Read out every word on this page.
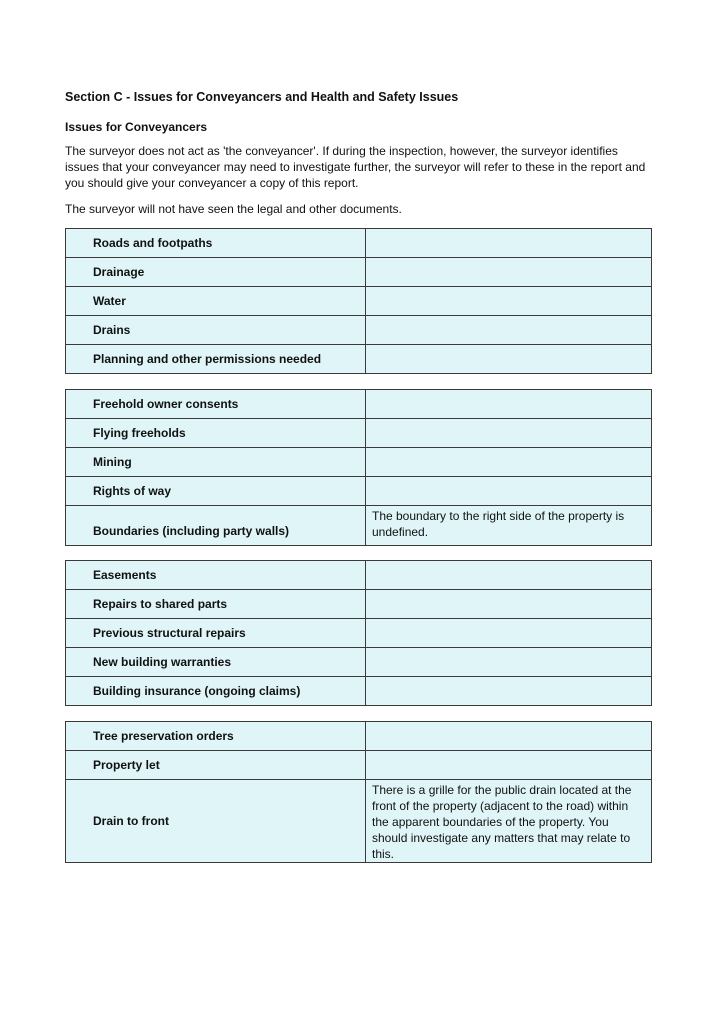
Section C - Issues for Conveyancers and Health and Safety Issues
Issues for Conveyancers
The surveyor does not act as 'the conveyancer'. If during the inspection, however, the surveyor identifies issues that your conveyancer may need to investigate further, the surveyor will refer to these in the report and you should give your conveyancer a copy of this report.
The surveyor will not have seen the legal and other documents.
Roads and footpaths	
Drainage	
Water	
Drains	
Planning and other permissions needed	
Freehold owner consents	
Flying freeholds	
Mining	
Rights of way	
Boundaries (including party walls)	The boundary to the right side of the property is undefined.
Easements	
Repairs to shared parts	
Previous structural repairs	
New building warranties	
Building insurance (ongoing claims)	
Tree preservation orders	
Property let	
Drain to front	There is a grille for the public drain located at the front of the property (adjacent to the road) within the apparent boundaries of the property. You should investigate any matters that may relate to this.
